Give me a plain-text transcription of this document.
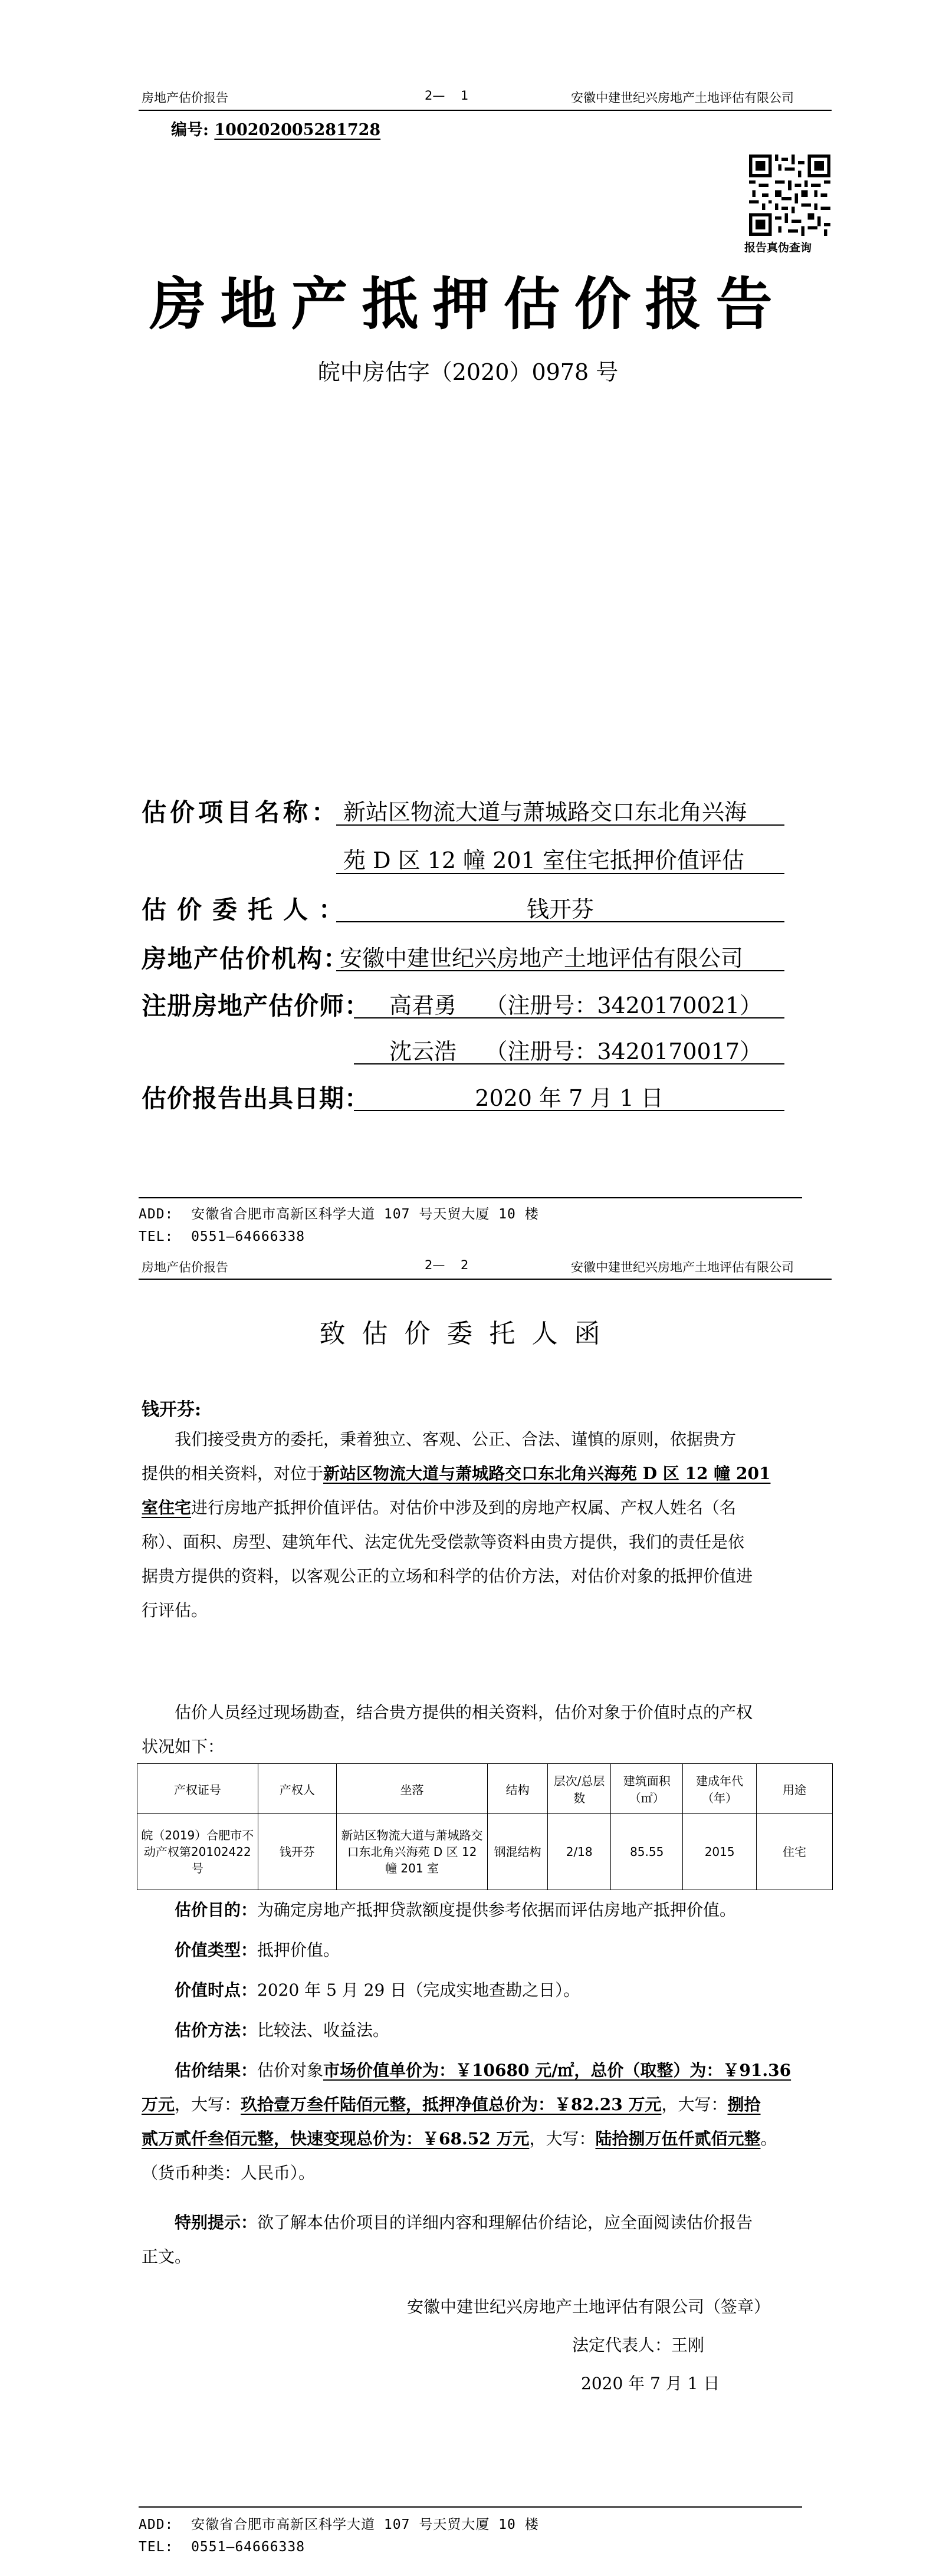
房地产估价报告	2—    1	安徽中建世纪兴房地产土地评估有限公司
编号: 100202005281728
报告真伪查询
房地产抵押估价报告
皖中房估字（2020）0978 号
估价项目名称： 新站区物流大道与萧城路交口东北角兴海
苑 D 区 12 幢 201 室住宅抵押价值评估
估价委托人：	钱开芬
房地产估价机构：
安徽中建世纪兴房地产土地评估有限公司
注册房地产估价师： 高君勇    （注册号：3420170021）
沈云浩    （注册号：3420170017）
估价报告出具日期：	2020 年 7 月 1 日
ADD:  安徽省合肥市高新区科学大道 107 号天贸大厦 10 楼
TEL:  0551—64666338
房地产估价报告	2—    2	安徽中建世纪兴房地产土地评估有限公司
致估价委托人函
钱开芬:
我们接受贵方的委托，秉着独立、客观、公正、合法、谨慎的原则，依据贵方
提供的相关资料，对位于新站区物流大道与萧城路交口东北角兴海苑 D 区 12 幢 201
室住宅进行房地产抵押价值评估。对估价中涉及到的房地产权属、产权人姓名（名
称）、面积、房型、建筑年代、法定优先受偿款等资料由贵方提供，我们的责任是依
据贵方提供的资料，以客观公正的立场和科学的估价方法，对估价对象的抵押价值进
行评估。
估价人员经过现场勘查，结合贵方提供的相关资料，估价对象于价值时点的产权
状况如下：
产权证号	产权人	坐落	结构	层次/总层数	建筑面积（㎡）	建成年代（年）	用途
皖（2019）合肥市不动产权第20102422号	钱开芬	新站区物流大道与萧城路交口东北角兴海苑 D 区 12 幢 201 室	钢混结构	2/18	85.55	2015	住宅
估价目的：为确定房地产抵押贷款额度提供参考依据而评估房地产抵押价值。
价值类型：抵押价值。
价值时点：2020 年 5 月 29 日（完成实地查勘之日）。
估价方法：比较法、收益法。
估价结果：估价对象市场价值单价为：￥10680 元/㎡，总价（取整）为：￥91.36
万元，大写：玖拾壹万叁仟陆佰元整，抵押净值总价为：￥82.23 万元，大写：捌拾
贰万贰仟叁佰元整，快速变现总价为：￥68.52 万元，大写：陆拾捌万伍仟贰佰元整。
（货币种类：人民币）。
特别提示：欲了解本估价项目的详细内容和理解估价结论，应全面阅读估价报告
正文。
安徽中建世纪兴房地产土地评估有限公司（签章）
法定代表人：王刚
2020 年 7 月 1 日
ADD:  安徽省合肥市高新区科学大道 107 号天贸大厦 10 楼
TEL:  0551—64666338
